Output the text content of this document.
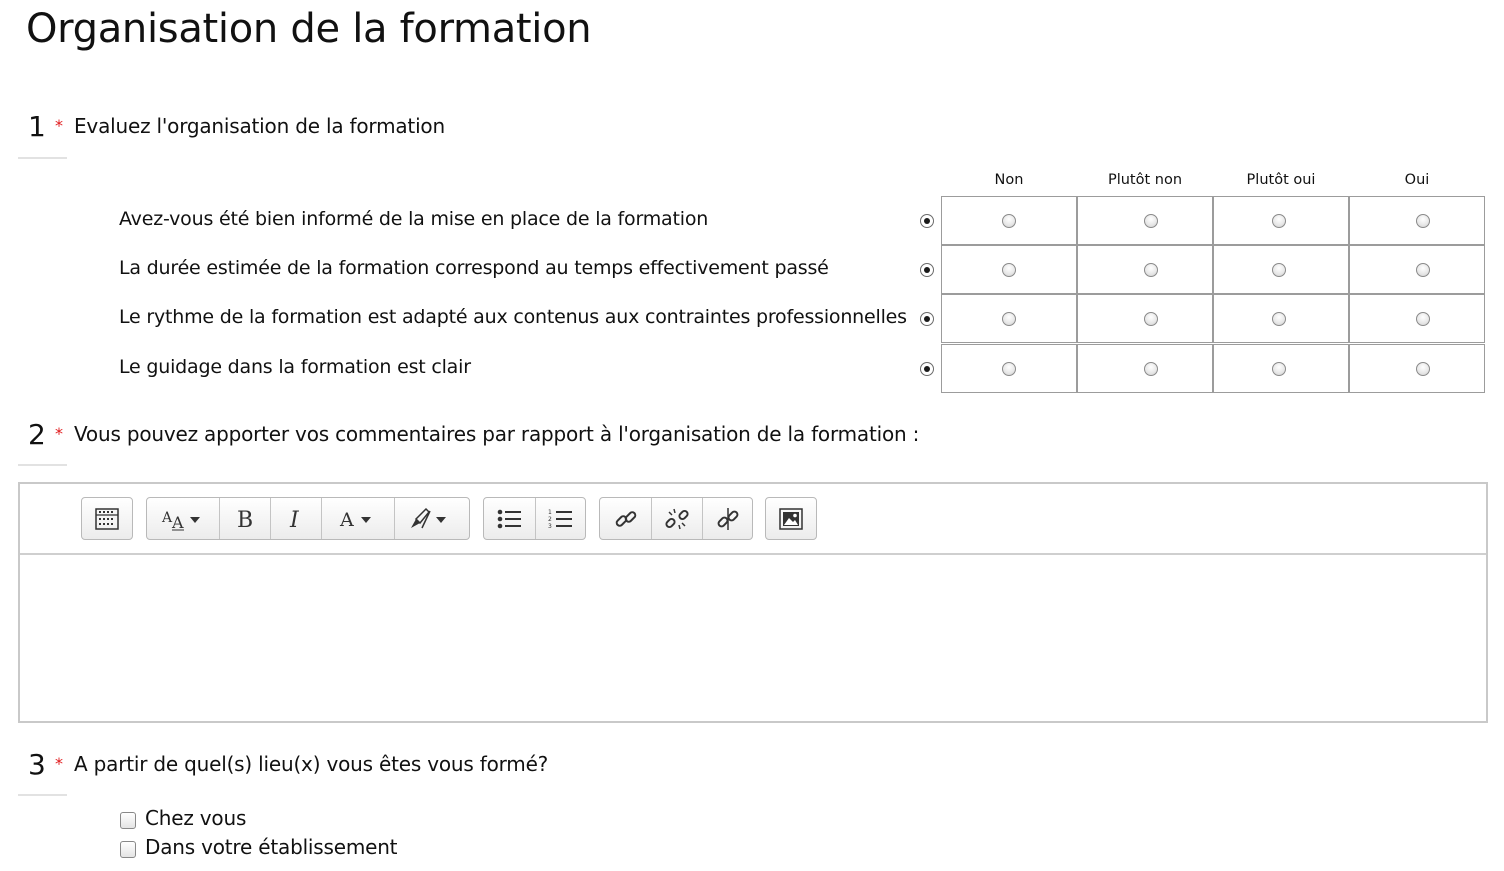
Organisation de la formation
1 * Evaluez l'organisation de la formation
Non	Plutôt non	Plutôt oui	Oui
Avez-vous été bien informé de la mise en place de la formation
La durée estimée de la formation correspond au temps effectivement passé
Le rythme de la formation est adapté aux contenus aux contraintes professionnelles
Le guidage dans la formation est clair
2 * Vous pouvez apporter vos commentaires par rapport à l'organisation de la formation :
A A B I A	1
2
3
3 * A partir de quel(s) lieu(x) vous êtes vous formé?
Chez vous
Dans votre établissement
